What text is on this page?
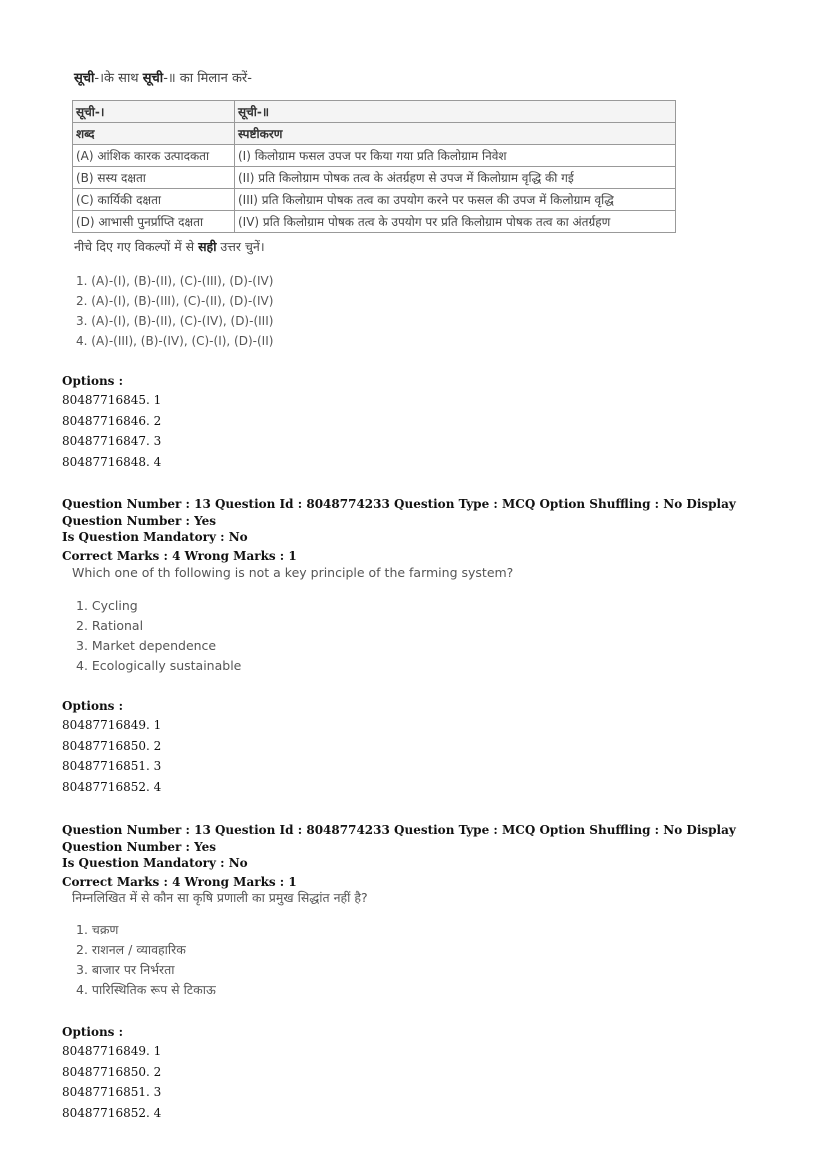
सूची-।के साथ सूची-॥ का मिलान करें-
सूची-।	सूची-॥
शब्द	स्पष्टीकरण
(A) आंशिक कारक उत्पादकता	(I) किलोग्राम फसल उपज पर किया गया प्रति किलोग्राम निवेश
(B) सस्य दक्षता	(II) प्रति किलोग्राम पोषक तत्व के अंतर्ग्रहण से उपज में किलोग्राम वृद्धि की गई
(C) कार्यिकी दक्षता	(III) प्रति किलोग्राम पोषक तत्व का उपयोग करने पर फसल की उपज में किलोग्राम वृद्धि
(D) आभासी पुनर्प्राप्ति दक्षता	(IV) प्रति किलोग्राम पोषक तत्व के उपयोग पर प्रति किलोग्राम पोषक तत्व का अंतर्ग्रहण
नीचे दिए गए विकल्पों में से सही उत्तर चुनें।
1. (A)-(I), (B)-(II), (C)-(III), (D)-(IV)
2. (A)-(I), (B)-(III), (C)-(II), (D)-(IV)
3. (A)-(I), (B)-(II), (C)-(IV), (D)-(III)
4. (A)-(III), (B)-(IV), (C)-(I), (D)-(II)
Options :
80487716845. 1
80487716846. 2
80487716847. 3
80487716848. 4
Question Number : 13 Question Id : 8048774233 Question Type : MCQ Option Shuffling : No Display Question Number : Yes
Is Question Mandatory : No
Correct Marks : 4 Wrong Marks : 1
Which one of th following is not a key principle of the farming system?
1. Cycling
2. Rational
3. Market dependence
4. Ecologically sustainable
Options :
80487716849. 1
80487716850. 2
80487716851. 3
80487716852. 4
Question Number : 13 Question Id : 8048774233 Question Type : MCQ Option Shuffling : No Display Question Number : Yes
Is Question Mandatory : No
Correct Marks : 4 Wrong Marks : 1
निम्नलिखित में से कौन सा कृषि प्रणाली का प्रमुख सिद्धांत नहीं है?
1. चक्रण
2. राशनल / व्यावहारिक
3. बाजार पर निर्भरता
4. पारिस्थितिक रूप से टिकाऊ
Options :
80487716849. 1
80487716850. 2
80487716851. 3
80487716852. 4
